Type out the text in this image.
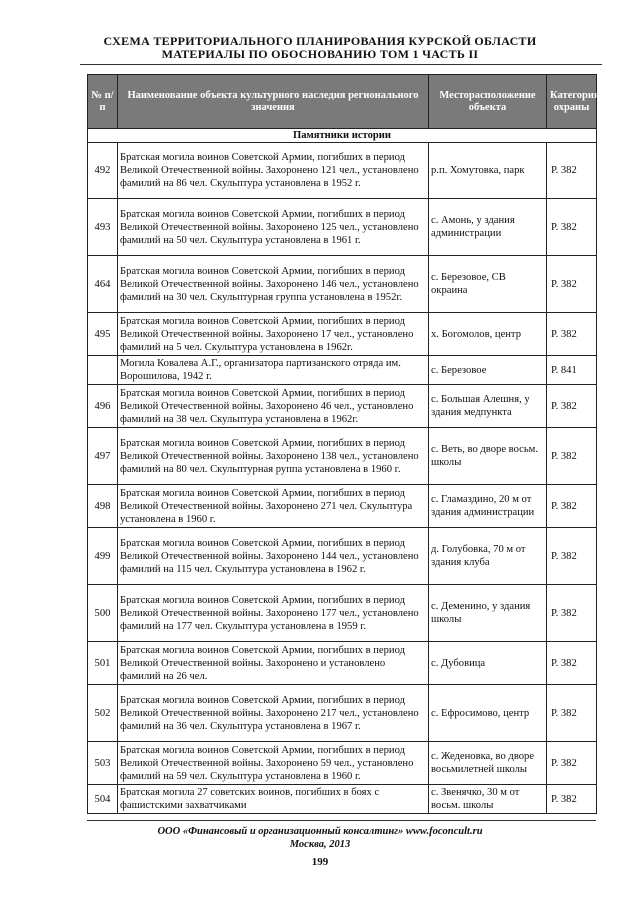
СХЕМА ТЕРРИТОРИАЛЬНОГО ПЛАНИРОВАНИЯ КУРСКОЙ ОБЛАСТИ
МАТЕРИАЛЫ ПО ОБОСНОВАНИЮ ТОМ 1 ЧАСТЬ II
№ п/п	Наименование объекта культурного наследия регионального значения	Месторасположение объекта	Категория охраны
Памятники истории			
492	Братская могила воинов Советской Армии, погибших в период Великой Отечественной войны. Захоронено 121 чел., установлено фамилий на 86 чел. Скульптура установлена в 1952 г.	р.п. Хомутовка, парк	Р. 382
493	Братская могила воинов Советской Армии, погибших в период Великой Отечественной войны. Захоронено 125 чел., установлено фамилий на 50 чел. Скульптура установлена в 1961 г.	с. Амонь, у здания администрации	Р. 382
464	Братская могила воинов Советской Армии, погибших в период Великой Отечественной войны. Захоронено 146 чел., установлено фамилий на 30 чел. Скульптурная группа установлена в 1952г.	с. Березовое, СВ окраина	Р. 382
495	Братская могила воинов Советской Армии, погибших в период Великой Отечественной войны. Захоронено 17 чел., установлено фамилий на 5 чел. Скульптура установлена в 1962г.	х. Богомолов, центр	Р. 382
	Могила Ковалева А.Г., организатора партизанского отряда им. Ворошилова, 1942 г.	с. Березовое	Р. 841
496	Братская могила воинов Советской Армии, погибших в период Великой Отечественной войны. Захоронено 46 чел., установлено фамилий на 38 чел. Скульптура установлена в 1962г.	с. Большая Алешня, у здания медпункта	Р. 382
497	Братская могила воинов Советской Армии, погибших в период Великой Отечественной войны. Захоронено 138 чел., установлено фамилий на 80 чел. Скульптурная руппа установлена в 1960 г.	с. Веть, во дворе восьм. школы	Р. 382
498	Братская могила воинов Советской Армии, погибших в период Великой Отечественной войны. Захоронено 271 чел. Скульптура установлена в 1960 г.	с. Гламаздино, 20 м от здания администрации	Р. 382
499	Братская могила воинов Советской Армии, погибших в период Великой Отечественной войны. Захоронено 144 чел., установлено фамилий на 115 чел. Скульптура установлена в 1962 г.	д. Голубовка, 70 м от здания клуба	Р. 382
500	Братская могила воинов Советской Армии, погибших в период Великой Отечественной войны. Захоронено 177 чел., установлено фамилий на 177 чел. Скульптура установлена в 1959 г.	с. Деменино, у здания школы	Р. 382
501	Братская могила воинов Советской Армии, погибших в период Великой Отечественной войны. Захоронено и установлено фамилий на 26 чел.	с. Дубовица	Р. 382
502	Братская могила воинов Советской Армии, погибших в период Великой Отечественной войны. Захоронено 217 чел., установлено фамилий на 36 чел. Скульптура установлена в 1967 г.	с. Ефросимово, центр	Р. 382
503	Братская могила воинов Советской Армии, погибших в период Великой Отечественной войны. Захоронено 59 чел., установлено фамилий на 59 чел. Скульптура установлена в 1960 г.	с. Жеденовка, во дворе восьмилетней школы	Р. 382
504	Братская могила 27 советских воинов, погибших в боях с фашистскими захватчиками	с. Звенячко, 30 м от восьм. школы	Р. 382
ООО «Финансовый и организационный консалтинг» www.foconcult.ru
Москва, 2013
199
